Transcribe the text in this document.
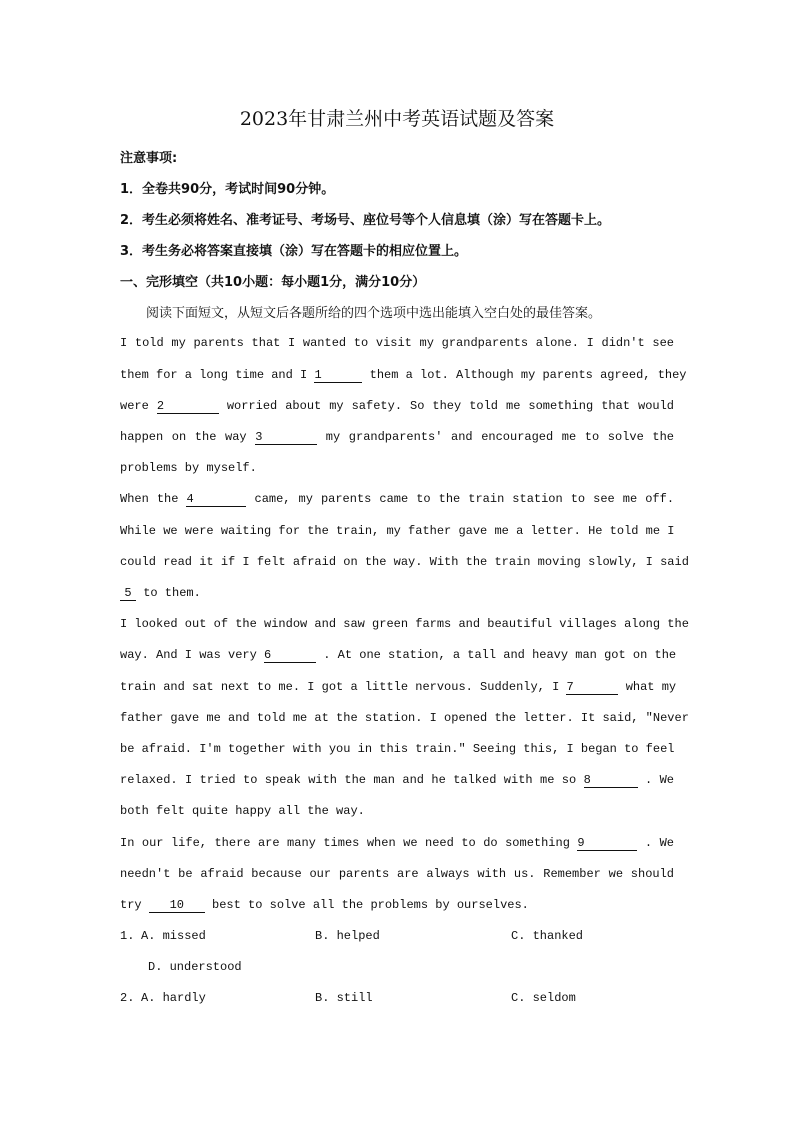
2023年甘肃兰州中考英语试题及答案
注意事项:
1．全卷共90分，考试时间90分钟。
2．考生必须将姓名、准考证号、考场号、座位号等个人信息填（涂）写在答题卡上。
3．考生务必将答案直接填（涂）写在答题卡的相应位置上。
一、完形填空（共10小题：每小题1分，满分10分）
阅读下面短文，从短文后各题所给的四个选项中选出能填入空白处的最佳答案。
I told my parents that I wanted to visit my grandparents alone. I didn't see
them for a long time and I 1	them a lot. Although my parents agreed, they
were 2	worried about my safety. So they told me something that would
happen on the way 3	my grandparents' and encouraged me to solve the
problems by myself.
When the 4	came, my parents came to the train station to see me off.
While we were waiting for the train, my father gave me a letter. He told me I
could read it if I felt afraid on the way. With the train moving slowly, I said
5 to them.
I looked out of the window and saw green farms and beautiful villages along the
way. And I was very 6	. At one station, a tall and heavy man got on the
train and sat next to me. I got a little nervous. Suddenly, I 7	what my
father gave me and told me at the station. I opened the letter. It said, "Never
be afraid. I'm together with you in this train." Seeing this, I began to feel
relaxed. I tried to speak with the man and he talked with me so 8	. We
both felt quite happy all the way.
In our life, there are many times when we need to do something 9	. We
needn't be afraid because our parents are always with us. Remember we should
try 10 best to solve all the problems by ourselves.
1. A. missed	B. helped	C. thanked
D. understood
2. A. hardly	B. still	C. seldom
